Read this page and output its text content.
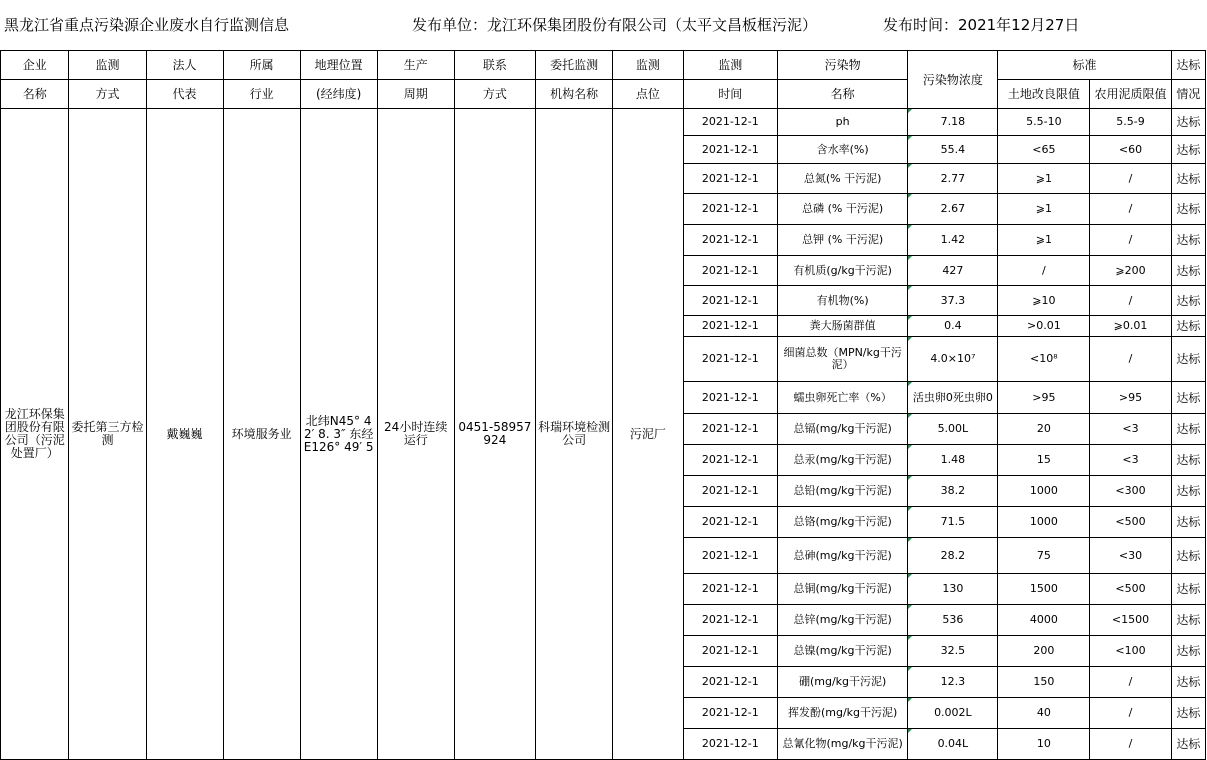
黑龙江省重点污染源企业废水自行监测信息	发布单位：龙江环保集团股份有限公司（太平文昌板框污泥）	发布时间：2021年12月27日
企业	监测	法人	所属	地理位置	生产	联系	委托监测	监测	监测	污染物	污染物浓度	标准		达标
名称	方式	代表	行业	(经纬度)	周期	方式	机构名称	点位	时间	名称		土地改良限值	农用泥质限值	情况
龙江环保集团股份有限公司（污泥处置厂）	委托第三方检测	戴巍巍	环境服务业	北纬N45° 42′ 8. 3″ 东经E126° 49′ 5	24小时连续运行	0451-58957924	科瑞环境检测公司	污泥厂	2021-12-1	ph	7.18	5.5-10	5.5-9	达标
									2021-12-1	含水率(%)	55.4	<65	<60	达标
									2021-12-1	总氮(% 干污泥)	2.77	⩾1	/	达标
									2021-12-1	总磷 (% 干污泥)	2.67	⩾1	/	达标
									2021-12-1	总钾 (% 干污泥)	1.42	⩾1	/	达标
									2021-12-1	有机质(g/kg干污泥)	427	/	⩾200	达标
									2021-12-1	有机物(%)	37.3	⩾10	/	达标
									2021-12-1	粪大肠菌群值	0.4	>0.01	⩾0.01	达标
									2021-12-1	细菌总数（MPN/kg干污泥）	4.0×10⁷	<10⁸	/	达标
									2021-12-1	蠕虫卵死亡率（%）	活虫卵0死虫卵0	>95	>95	达标
									2021-12-1	总镉(mg/kg干污泥)	5.00L	20	<3	达标
									2021-12-1	总汞(mg/kg干污泥)	1.48	15	<3	达标
									2021-12-1	总铅(mg/kg干污泥)	38.2	1000	<300	达标
									2021-12-1	总铬(mg/kg干污泥)	71.5	1000	<500	达标
									2021-12-1	总砷(mg/kg干污泥)	28.2	75	<30	达标
									2021-12-1	总铜(mg/kg干污泥)	130	1500	<500	达标
									2021-12-1	总锌(mg/kg干污泥)	536	4000	<1500	达标
									2021-12-1	总镍(mg/kg干污泥)	32.5	200	<100	达标
									2021-12-1	硼(mg/kg干污泥)	12.3	150	/	达标
									2021-12-1	挥发酚(mg/kg干污泥)	0.002L	40	/	达标
									2021-12-1	总氰化物(mg/kg干污泥)	0.04L	10	/	达标
